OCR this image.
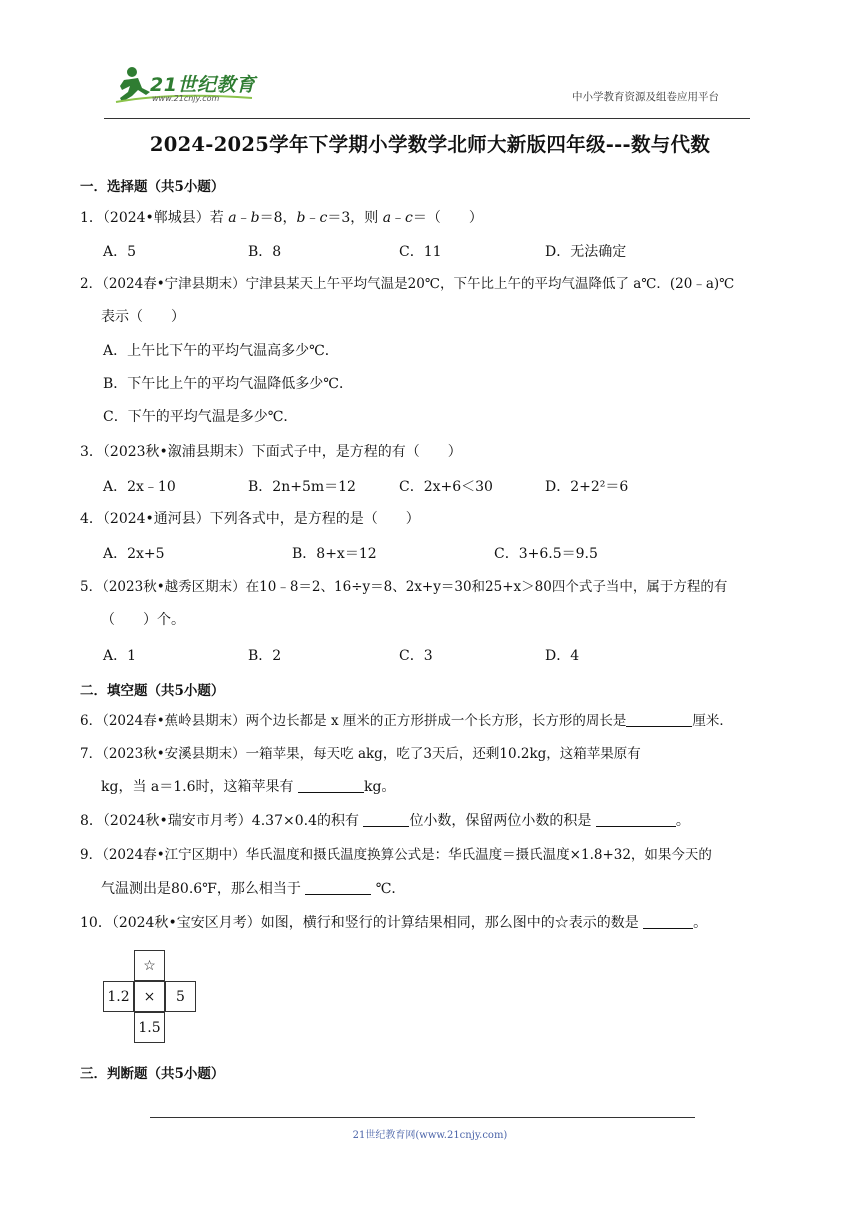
21世纪教育
www.21cnjy.com	中小学教育资源及组卷应用平台
2024-2025学年下学期小学数学北师大新版四年级---数与代数
一．选择题（共5小题）
1．（2024•郸城县）若 a﹣b＝8，b﹣c＝3，则 a﹣c＝（　　）
A．5	B．8	C．11	D．无法确定
2．（2024春•宁津县期末）宁津县某天上午平均气温是20℃，下午比上午的平均气温降低了 a℃．(20﹣a)℃
表示（　　）
A．上午比下午的平均气温高多少℃．
B．下午比上午的平均气温降低多少℃．
C．下午的平均气温是多少℃．
3．（2023秋•溆浦县期末）下面式子中，是方程的有（　　）
A．2x﹣10	B．2n+5m＝12	C．2x+6＜30	D．2+2²＝6
4．（2024•通河县）下列各式中，是方程的是（　　）
A．2x+5	B．8+x＝12	C．3+6.5＝9.5
5．（2023秋•越秀区期末）在10﹣8＝2、16÷y＝8、2x+y＝30和25+x＞80四个式子当中，属于方程的有
（　　）个。
A．1	B．2	C．3	D．4
二．填空题（共5小题）
6．（2024春•蕉岭县期末）两个边长都是 x 厘米的正方形拼成一个长方形，长方形的周长是	厘米．
7．（2023秋•安溪县期末）一箱苹果，每天吃 akg，吃了3天后，还剩10.2kg，这箱苹果原有
kg，当 a＝1.6时，这箱苹果有	kg。
8．（2024秋•瑞安市月考）4.37×0.4的积有	位小数，保留两位小数的积是	。
9．（2024春•江宁区期中）华氏温度和摄氏温度换算公式是：华氏温度＝摄氏温度×1.8+32，如果今天的
气温测出是80.6℉，那么相当于	℃．
10．（2024秋•宝安区月考）如图，横行和竖行的计算结果相同，那么图中的☆表示的数是	。
☆
1.2	×	5
1.5
三．判断题（共5小题）
21世纪教育网(www.21cnjy.com)
